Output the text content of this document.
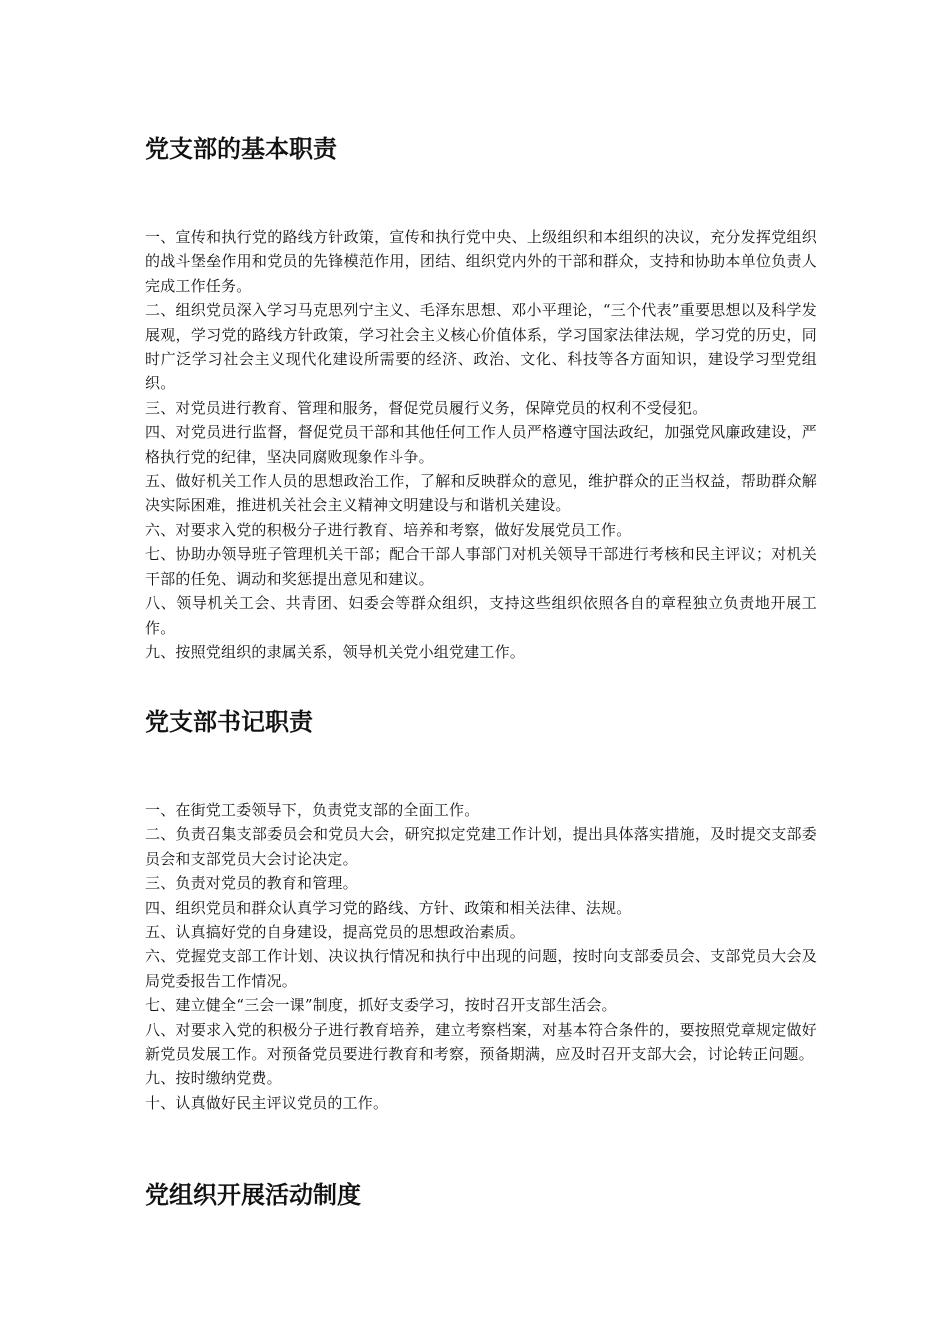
党支部的基本职责

一、宣传和执行党的路线方针政策，宣传和执行党中央、上级组织和本组织的决议，充分发挥党组织的战斗堡垒作用和党员的先锋模范作用，团结、组织党内外的干部和群众，支持和协助本单位负责人完成工作任务。

二、组织党员深入学习马克思列宁主义、毛泽东思想、邓小平理论，“三个代表”重要思想以及科学发展观，学习党的路线方针政策，学习社会主义核心价值体系，学习国家法律法规，学习党的历史，同时广泛学习社会主义现代化建设所需要的经济、政治、文化、科技等各方面知识，建设学习型党组织。

三、对党员进行教育、管理和服务，督促党员履行义务，保障党员的权利不受侵犯。

四、对党员进行监督，督促党员干部和其他任何工作人员严格遵守国法政纪，加强党风廉政建设，严格执行党的纪律，坚决同腐败现象作斗争。

五、做好机关工作人员的思想政治工作，了解和反映群众的意见，维护群众的正当权益，帮助群众解决实际困难，推进机关社会主义精神文明建设与和谐机关建设。

六、对要求入党的积极分子进行教育、培养和考察，做好发展党员工作。

七、协助办领导班子管理机关干部；配合干部人事部门对机关领导干部进行考核和民主评议；对机关干部的任免、调动和奖惩提出意见和建议。

八、领导机关工会、共青团、妇委会等群众组织，支持这些组织依照各自的章程独立负责地开展工作。

九、按照党组织的隶属关系，领导机关党小组党建工作。

党支部书记职责

一、在街党工委领导下，负责党支部的全面工作。

二、负责召集支部委员会和党员大会，研究拟定党建工作计划，提出具体落实措施，及时提交支部委员会和支部党员大会讨论决定。

三、负责对党员的教育和管理。

四、组织党员和群众认真学习党的路线、方针、政策和相关法律、法规。

五、认真搞好党的自身建设，提高党员的思想政治素质。

六、党握党支部工作计划、决议执行情况和执行中出现的问题，按时向支部委员会、支部党员大会及局党委报告工作情况。

七、建立健全“三会一课”制度，抓好支委学习，按时召开支部生活会。

八、对要求入党的积极分子进行教育培养，建立考察档案，对基本符合条件的，要按照党章规定做好新党员发展工作。对预备党员要进行教育和考察，预备期满，应及时召开支部大会，讨论转正问题。

九、按时缴纳党费。

十、认真做好民主评议党员的工作。

党组织开展活动制度
